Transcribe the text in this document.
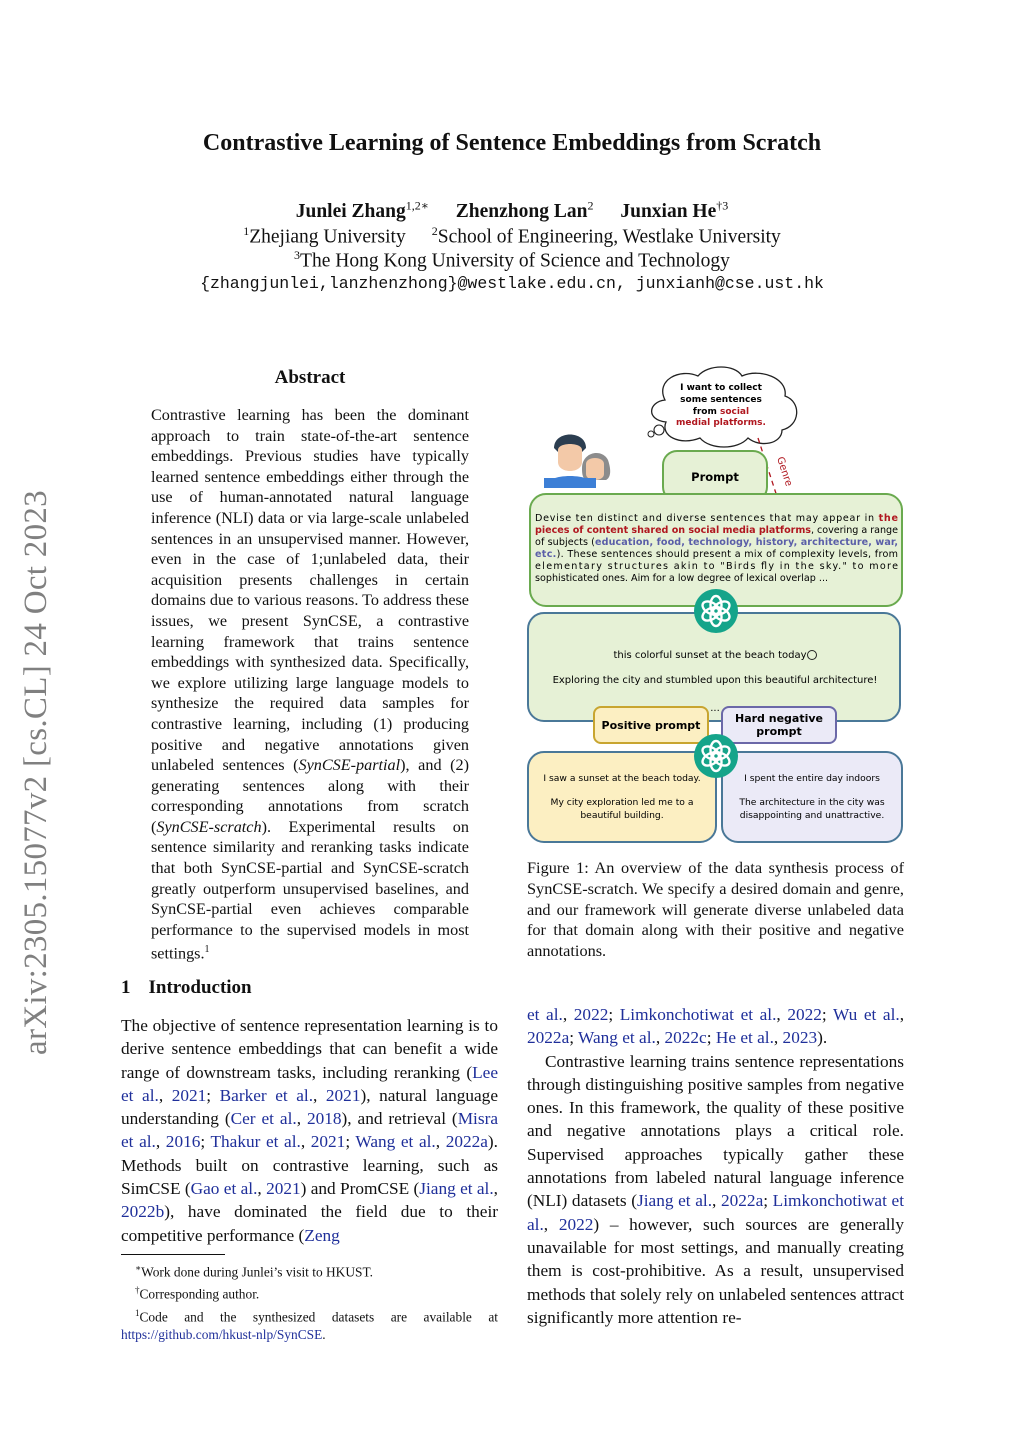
Contrastive Learning of Sentence Embeddings from Scratch
Junlei Zhang$^{1,2∗}$ Zhenzhong Lan$^2$ Junxian He$^{\dagger 3}$
$^1$Zhejiang University $^2$School of Engineering, Westlake University
$^3$The Hong Kong University of Science and Technology
{zhangjunlei,lanzhenzhong}@westlake.edu.cn, junxianh@cse.ust.hk
arXiv:2305.15077v2 [cs.CL] 24 Oct 2023
Abstract
Contrastive learning has been the dominant approach to train state-of-the-art sentence embeddings. Previous studies have typically learned sentence embeddings either through the use of human-annotated natural language inference (NLI) data or via large-scale unlabeled sentences in an unsupervised manner. However, even in the case of 1;unlabeled data, their acquisition presents challenges in certain domains due to various reasons. To address these issues, we present SynCSE, a contrastive learning framework that trains sentence embeddings with synthesized data. Specifically, we explore utilizing large language models to synthesize the required data samples for contrastive learning, including (1) producing positive and negative annotations given unlabeled sentences (SynCSE-partial), and (2) generating sentences along with their corresponding annotations from scratch (SynCSE-scratch). Experimental results on sentence similarity and reranking tasks indicate that both SynCSE-partial and SynCSE-scratch greatly outperform unsupervised baselines, and SynCSE-partial even achieves comparable performance to the supervised models in most settings.$^1$
1 Introduction
The objective of sentence representation learning is to derive sentence embeddings that can benefit a wide range of downstream tasks, including reranking (Lee et al., 2021; Barker et al., 2021), natural language understanding (Cer et al., 2018), and retrieval (Misra et al., 2016; Thakur et al., 2021; Wang et al., 2022a). Methods built on contrastive learning, such as SimCSE (Gao et al., 2021) and PromCSE (Jiang et al., 2022b), have dominated the field due to their competitive performance (Zeng
∗Work done during Junlei’s visit to HKUST.
†Corresponding author.
$^1$Code and the synthesized datasets are available at https://github.com/hkust-nlp/SynCSE.
I want to collect
some sentences
from social
medial platforms.
Genre
Prompt
Devise ten distinct and diverse sentences that may appear in the
pieces of content shared on social media platforms, covering a range
of subjects (education, food, technology, history, architecture, war,
etc.). These sentences should present a mix of complexity levels, from
elementary structures akin to "Birds fly in the sky." to more
sophisticated ones. Aim for a low degree of lexical overlap ...
this colorful sunset at the beach today
Exploring the city and stumbled upon this beautiful architecture!
...
I saw a sunset at the beach today.
My city exploration led me to a
beautiful building.
I spent the entire day indoors
The architecture in the city was
disappointing and unattractive.
Positive prompt
Hard negative
prompt
Figure 1: An overview of the data synthesis process of SynCSE-scratch. We specify a desired domain and genre, and our framework will generate diverse unlabeled data for that domain along with their positive and negative annotations.

et al., 2022; Limkonchotiwat et al., 2022; Wu et al., 2022a; Wang et al., 2022c; He et al., 2023).

Contrastive learning trains sentence representations through distinguishing positive samples from negative ones. In this framework, the quality of these positive and negative annotations plays a critical role. Supervised approaches typically gather these annotations from labeled natural language inference (NLI) datasets (Jiang et al., 2022a; Limkonchotiwat et al., 2022) – however, such sources are generally unavailable for most settings, and manually creating them is cost-prohibitive. As a result, unsupervised methods that solely rely on unlabeled sentences attract significantly more attention re-
